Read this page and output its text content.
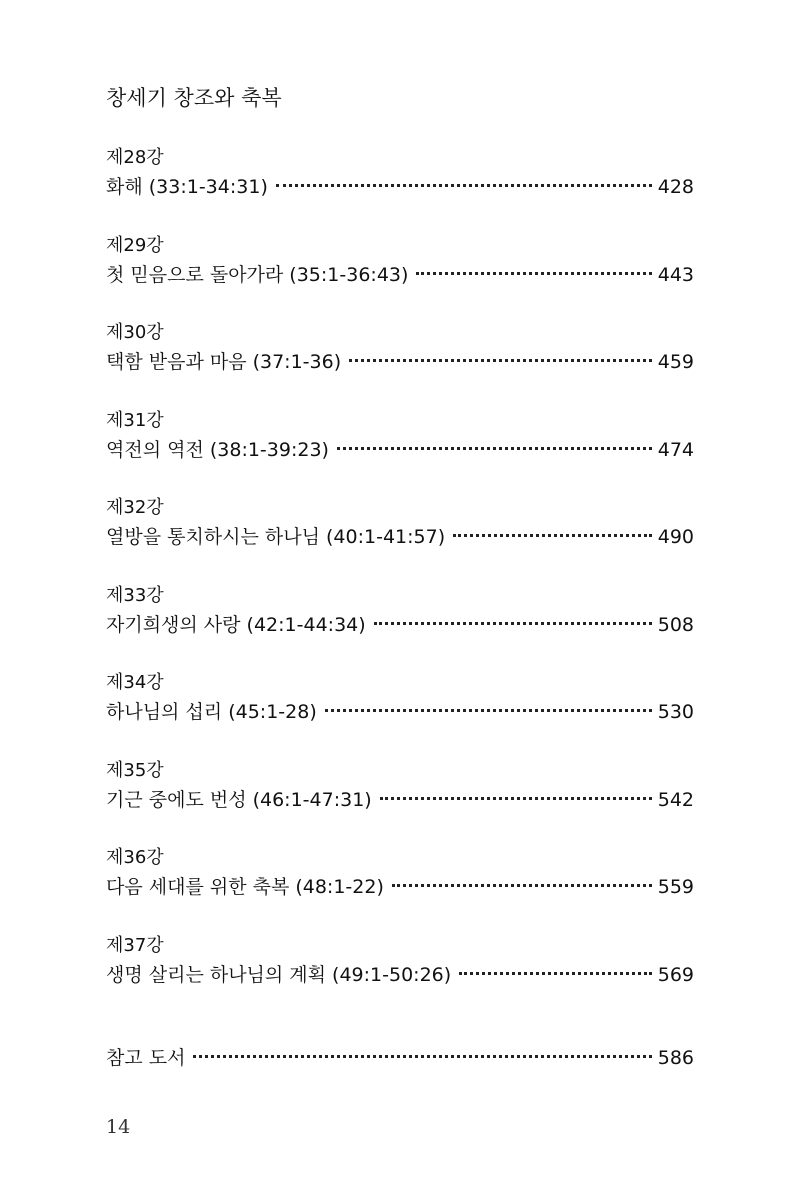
창세기 창조와 축복
제28강
화해 (33:1-34:31)	428
제29강
첫 믿음으로 돌아가라 (35:1-36:43)	443
제30강
택함 받음과 마음 (37:1-36)	459
제31강
역전의 역전 (38:1-39:23)	474
제32강
열방을 통치하시는 하나님 (40:1-41:57)	490
제33강
자기희생의 사랑 (42:1-44:34)	508
제34강
하나님의 섭리 (45:1-28)	530
제35강
기근 중에도 번성 (46:1-47:31)	542
제36강
다음 세대를 위한 축복 (48:1-22)	559
제37강
생명 살리는 하나님의 계획 (49:1-50:26)	569
참고 도서	586
14
